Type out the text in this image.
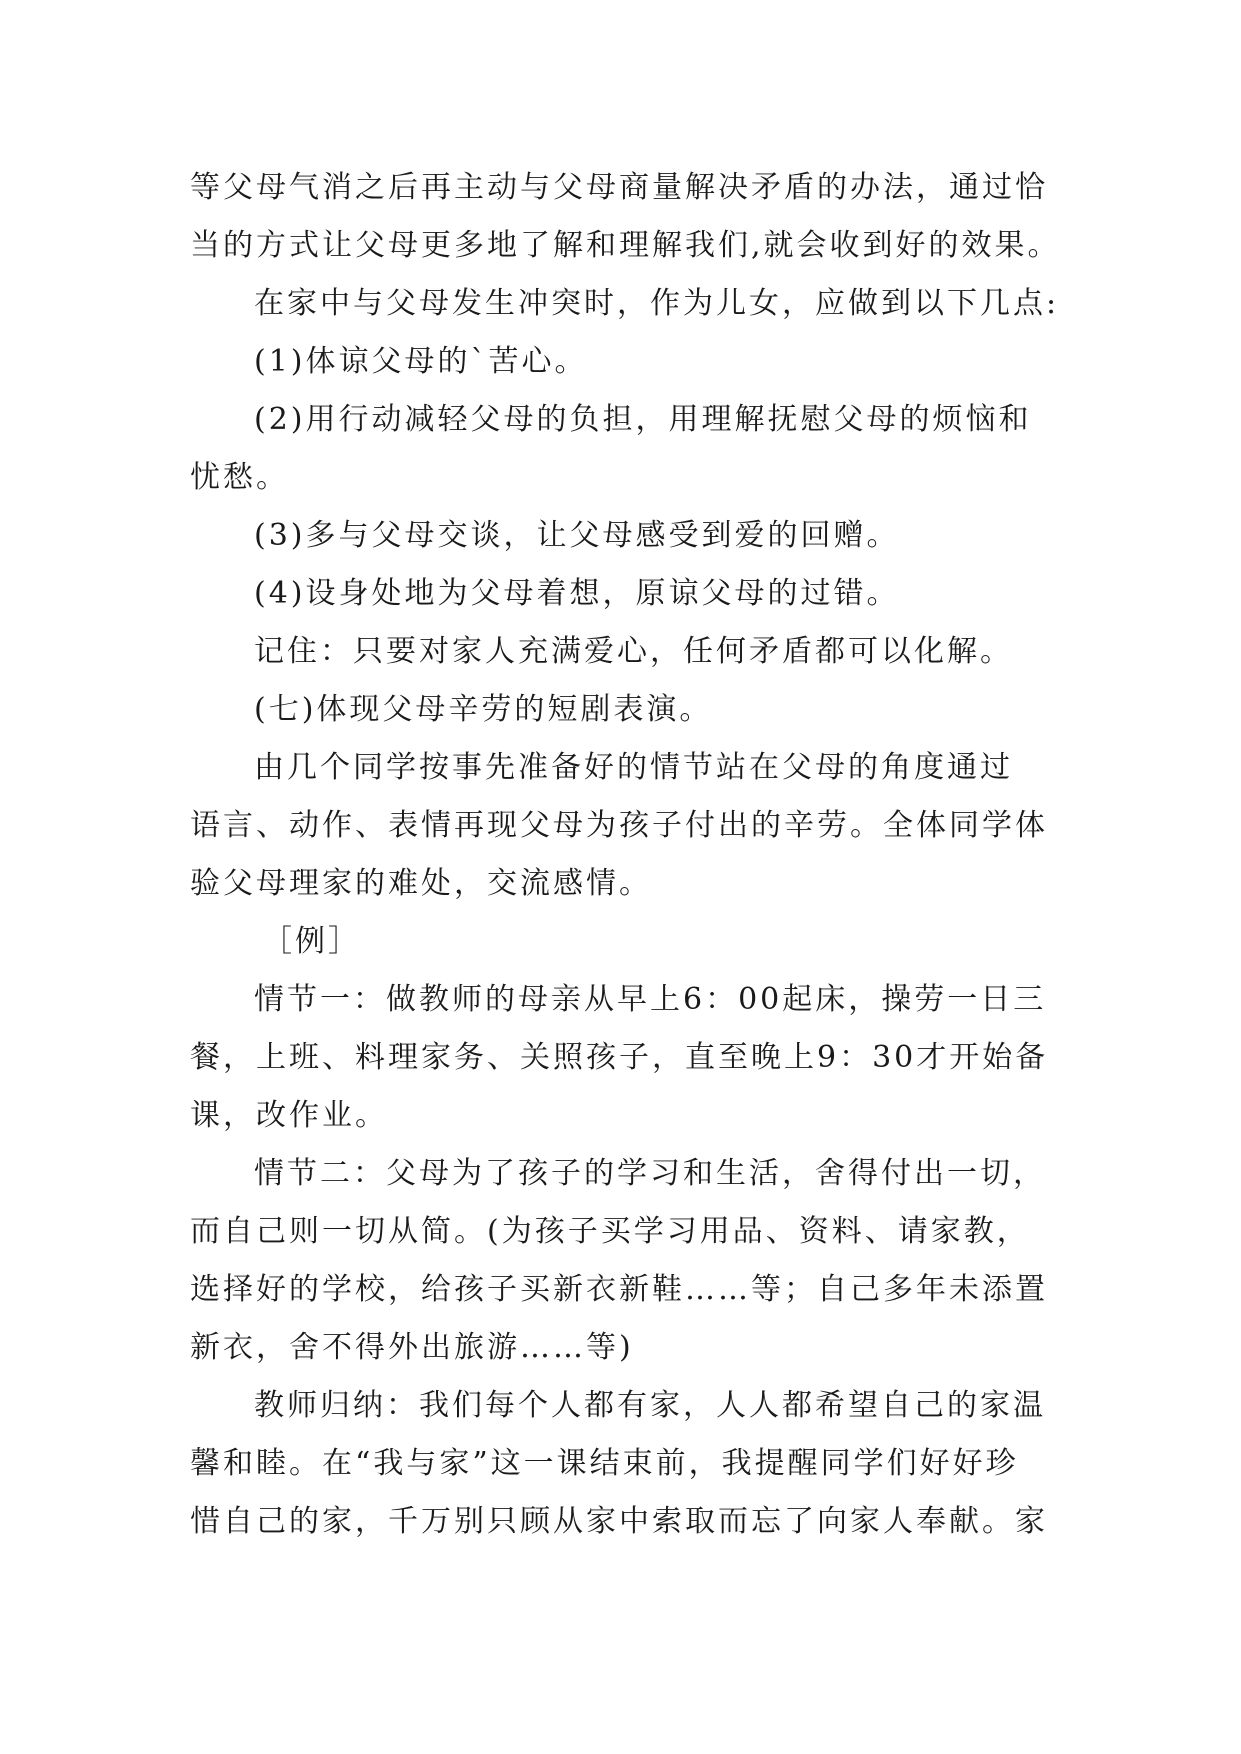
等父母气消之后再主动与父母商量解决矛盾的办法，通过恰
当的方式让父母更多地了解和理解我们,就会收到好的效果。
在家中与父母发生冲突时，作为儿女，应做到以下几点:
(1)体谅父母的`苦心。
(2)用行动减轻父母的负担，用理解抚慰父母的烦恼和
忧愁。
(3)多与父母交谈，让父母感受到爱的回赠。
(4)设身处地为父母着想，原谅父母的过错。
记住：只要对家人充满爱心，任何矛盾都可以化解。
(七)体现父母辛劳的短剧表演。
由几个同学按事先准备好的情节站在父母的角度通过
语言、动作、表情再现父母为孩子付出的辛劳。全体同学体
验父母理家的难处，交流感情。
［例］
情节一：做教师的母亲从早上6：00起床，操劳一日三
餐，上班、料理家务、关照孩子，直至晚上9：30才开始备
课，改作业。
情节二：父母为了孩子的学习和生活，舍得付出一切，
而自己则一切从简。(为孩子买学习用品、资料、请家教，
选择好的学校，给孩子买新衣新鞋……等；自己多年未添置
新衣，舍不得外出旅游……等)
教师归纳：我们每个人都有家，人人都希望自己的家温
馨和睦。在“我与家”这一课结束前，我提醒同学们好好珍
惜自己的家，千万别只顾从家中索取而忘了向家人奉献。家
